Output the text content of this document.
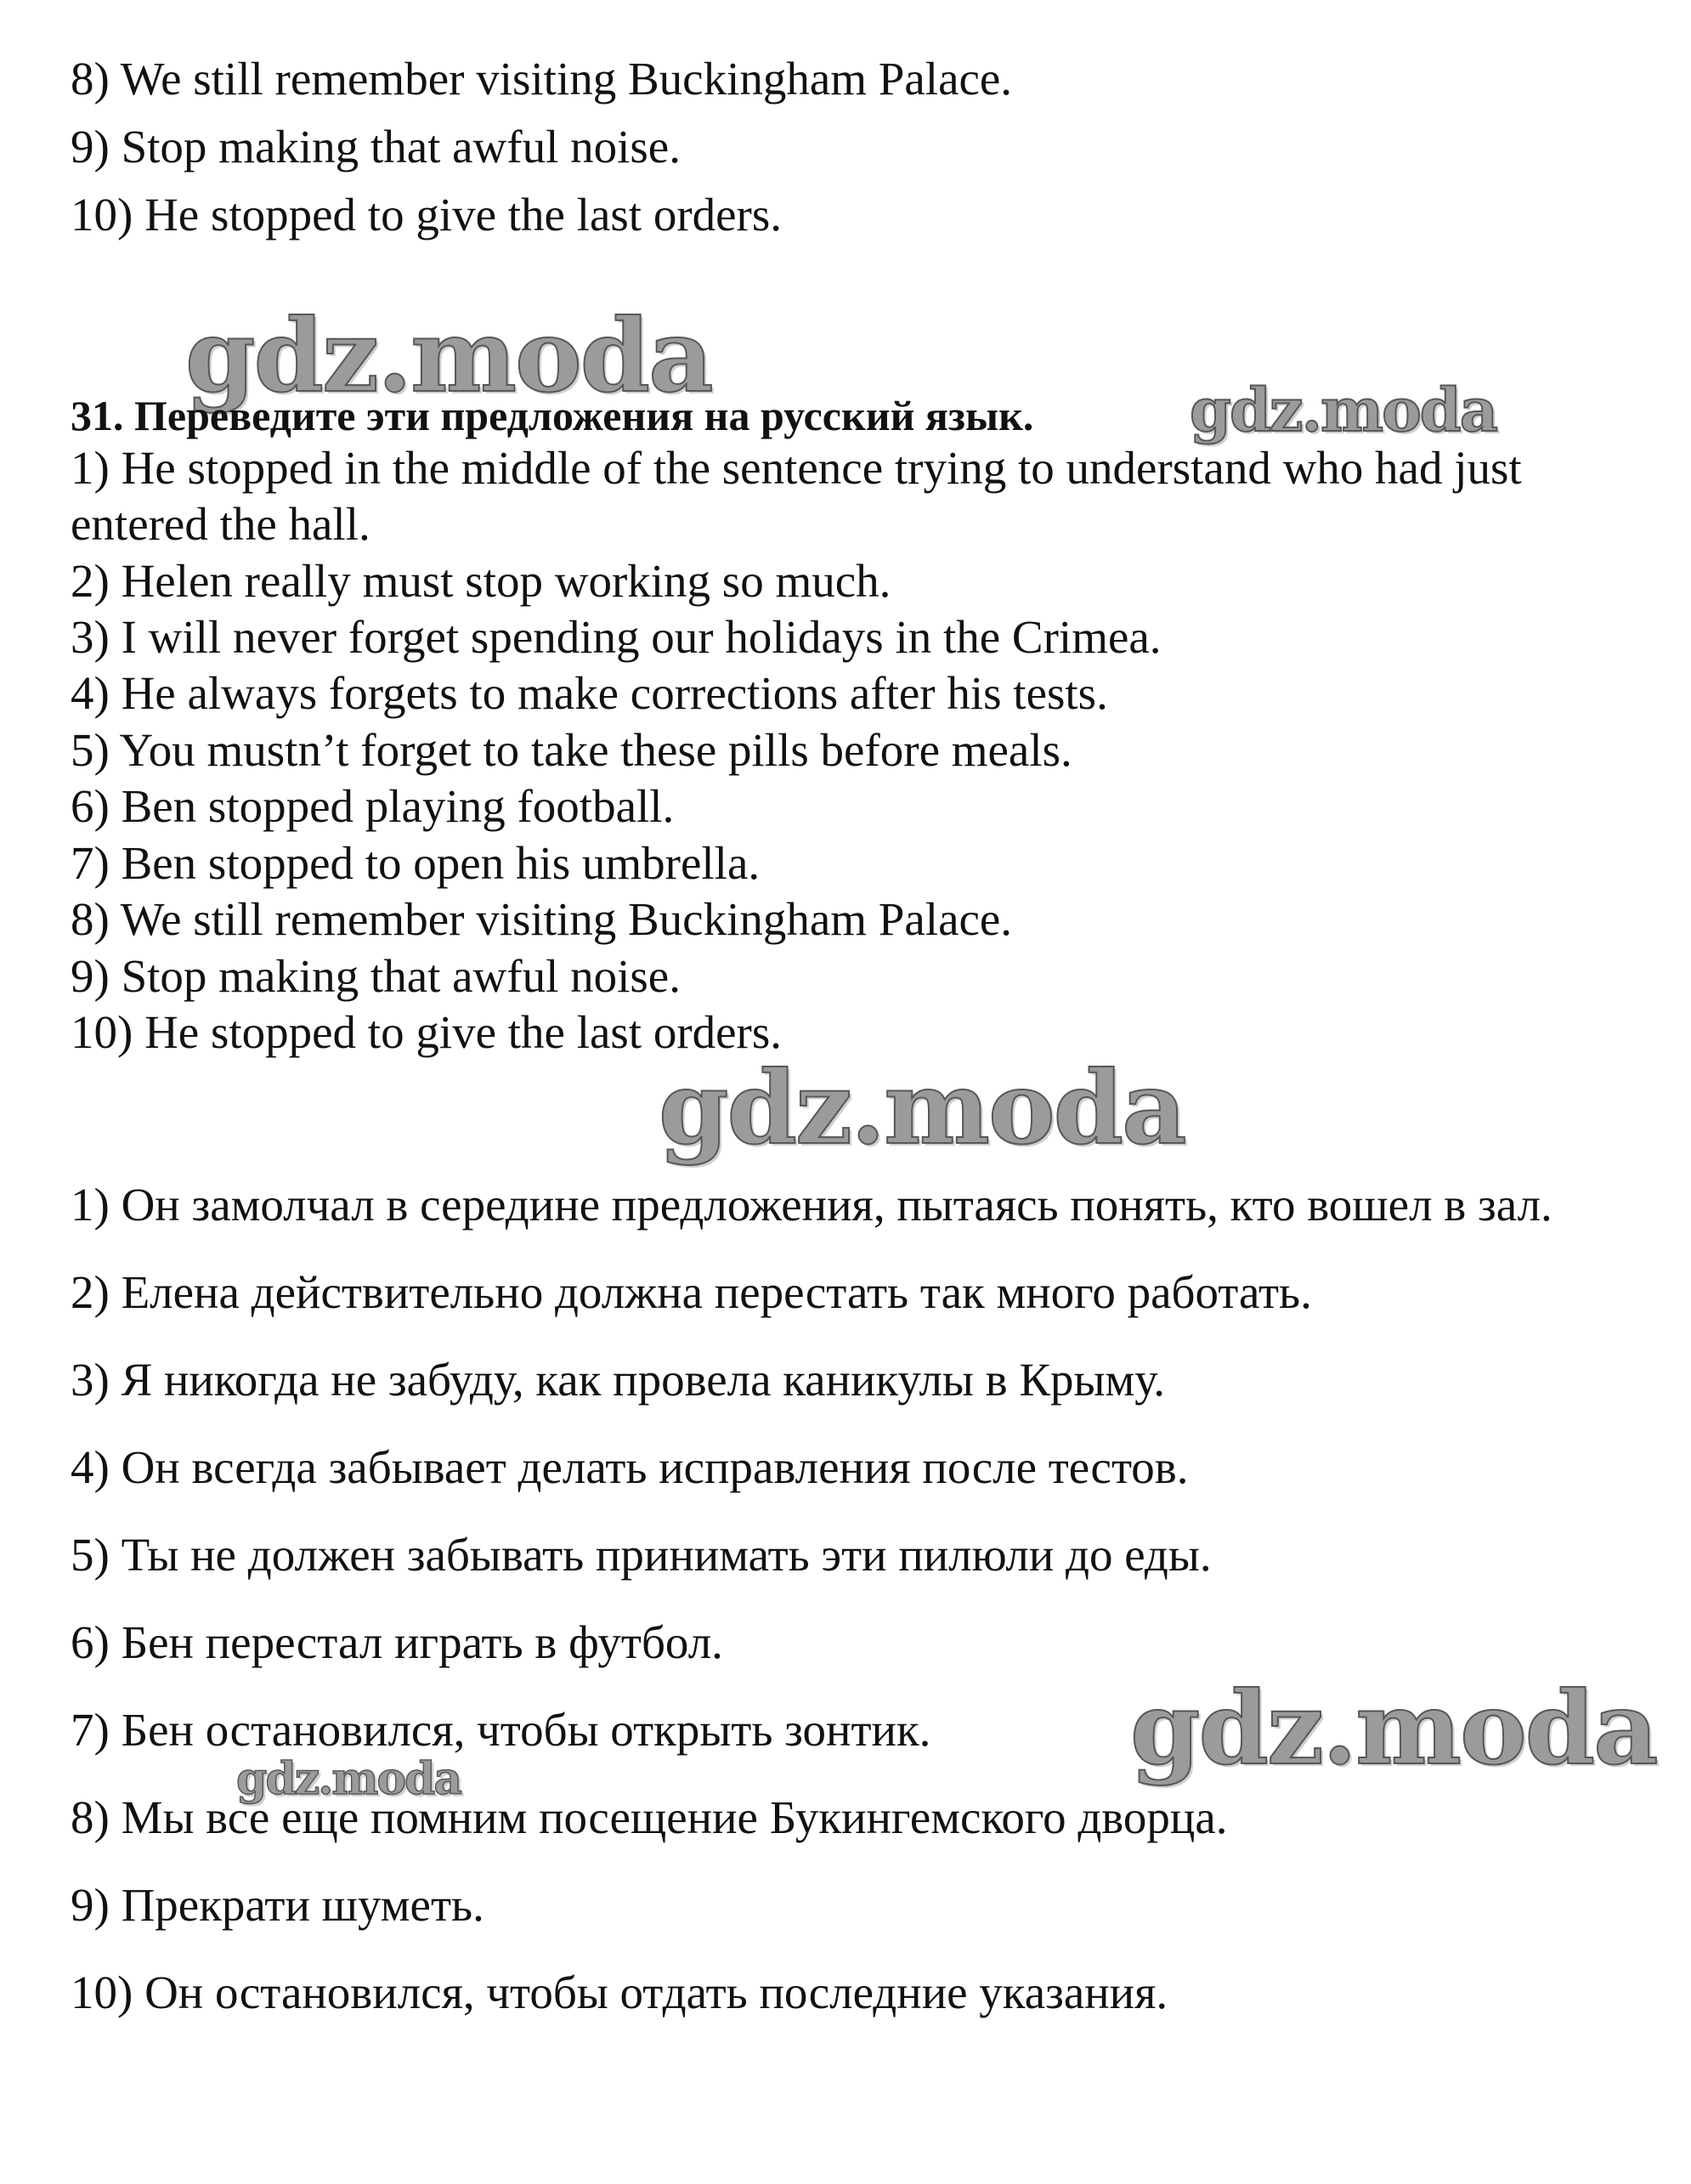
8) We still remember visiting Buckingham Palace.

9) Stop making that awful noise.

10) He stopped to give the last orders.

gdz.moda	gdz.moda
gdz.moda
gdz.moda
gdz.moda

31. Переведите эти предложения на русский язык.

1) He stopped in the middle of the sentence trying to understand who had just entered the hall.

2) Helen really must stop working so much.

3) I will never forget spending our holidays in the Crimea.

4) He always forgets to make corrections after his tests.

5) You mustn’t forget to take these pills before meals.

6) Ben stopped playing football.

7) Ben stopped to open his umbrella.

8) We still remember visiting Buckingham Palace.

9) Stop making that awful noise.

10) He stopped to give the last orders.

1) Он замолчал в середине предложения, пытаясь понять, кто вошел в зал.

2) Елена действительно должна перестать так много работать.

3) Я никогда не забуду, как провела каникулы в Крыму.

4) Он всегда забывает делать исправления после тестов.

5) Ты не должен забывать принимать эти пилюли до еды.

6) Бен перестал играть в футбол.

7) Бен остановился, чтобы открыть зонтик.

8) Мы все еще помним посещение Букингемского дворца.

9) Прекрати шуметь.

10) Он остановился, чтобы отдать последние указания.
